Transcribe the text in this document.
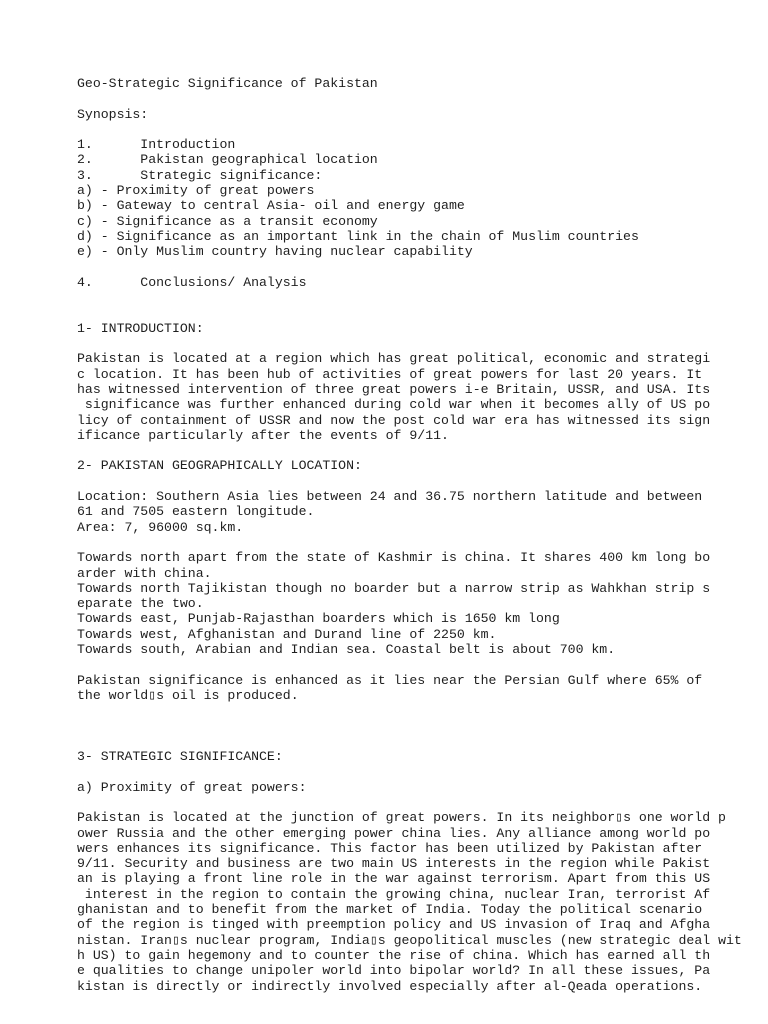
Geo-Strategic Significance of Pakistan
Synopsis:
1.      Introduction
2.      Pakistan geographical location
3.      Strategic significance:
a) - Proximity of great powers
b) - Gateway to central Asia- oil and energy game
c) - Significance as a transit economy
d) - Significance as an important link in the chain of Muslim countries
e) - Only Muslim country having nuclear capability
4.      Conclusions/ Analysis
1- INTRODUCTION:
Pakistan is located at a region which has great political, economic and strategi
c location. It has been hub of activities of great powers for last 20 years. It
has witnessed intervention of three great powers i-e Britain, USSR, and USA. Its
significance was further enhanced during cold war when it becomes ally of US po
licy of containment of USSR and now the post cold war era has witnessed its sign
ificance particularly after the events of 9/11.
2- PAKISTAN GEOGRAPHICALLY LOCATION:
Location: Southern Asia lies between 24 and 36.75 northern latitude and between
61 and 7505 eastern longitude.
Area: 7, 96000 sq.km.
Towards north apart from the state of Kashmir is china. It shares 400 km long bo
arder with china.
Towards north Tajikistan though no boarder but a narrow strip as Wahkhan strip s
eparate the two.
Towards east, Punjab-Rajasthan boarders which is 1650 km long
Towards west, Afghanistan and Durand line of 2250 km.
Towards south, Arabian and Indian sea. Coastal belt is about 700 km.
Pakistan significance is enhanced as it lies near the Persian Gulf where 65% of
the world▯s oil is produced.
3- STRATEGIC SIGNIFICANCE:
a) Proximity of great powers:
Pakistan is located at the junction of great powers. In its neighbor▯s one world p
ower Russia and the other emerging power china lies. Any alliance among world po
wers enhances its significance. This factor has been utilized by Pakistan after
9/11. Security and business are two main US interests in the region while Pakist
an is playing a front line role in the war against terrorism. Apart from this US
interest in the region to contain the growing china, nuclear Iran, terrorist Af
ghanistan and to benefit from the market of India. Today the political scenario
of the region is tinged with preemption policy and US invasion of Iraq and Afgha
nistan. Iran▯s nuclear program, India▯s geopolitical muscles (new strategic deal wit
h US) to gain hegemony and to counter the rise of china. Which has earned all th
e qualities to change unipoler world into bipolar world? In all these issues, Pa
kistan is directly or indirectly involved especially after al-Qeada operations.
